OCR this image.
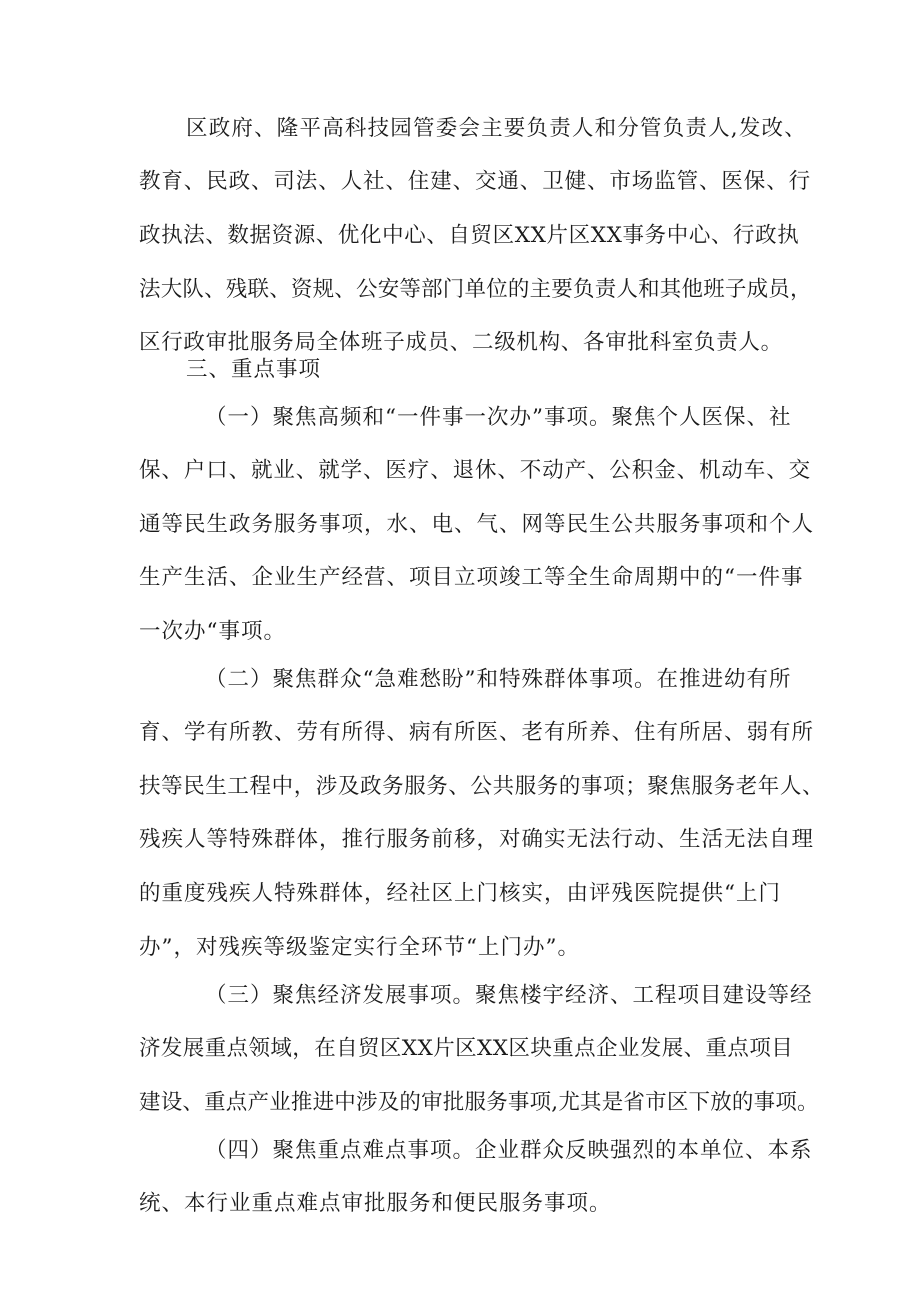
区政府、隆平高科技园管委会主要负责人和分管负责人,发改、
教育、民政、司法、人社、住建、交通、卫健、市场监管、医保、行
政执法、数据资源、优化中心、自贸区XX片区XX事务中心、行政执
法大队、残联、资规、公安等部门单位的主要负责人和其他班子成员，
区行政审批服务局全体班子成员、二级机构、各审批科室负责人。
三、重点事项
（一）聚焦高频和“一件事一次办”事项。聚焦个人医保、社
保、户口、就业、就学、医疗、退休、不动产、公积金、机动车、交
通等民生政务服务事项，水、电、气、网等民生公共服务事项和个人
生产生活、企业生产经营、项目立项竣工等全生命周期中的“一件事
一次办“事项。
（二）聚焦群众“急难愁盼”和特殊群体事项。在推进幼有所
育、学有所教、劳有所得、病有所医、老有所养、住有所居、弱有所
扶等民生工程中，涉及政务服务、公共服务的事项；聚焦服务老年人、
残疾人等特殊群体，推行服务前移，对确实无法行动、生活无法自理
的重度残疾人特殊群体，经社区上门核实，由评残医院提供“上门
办”，对残疾等级鉴定实行全环节“上门办”。
（三）聚焦经济发展事项。聚焦楼宇经济、工程项目建设等经
济发展重点领域，在自贸区XX片区XX区块重点企业发展、重点项目
建设、重点产业推进中涉及的审批服务事项,尤其是省市区下放的事项。
（四）聚焦重点难点事项。企业群众反映强烈的本单位、本系
统、本行业重点难点审批服务和便民服务事项。
